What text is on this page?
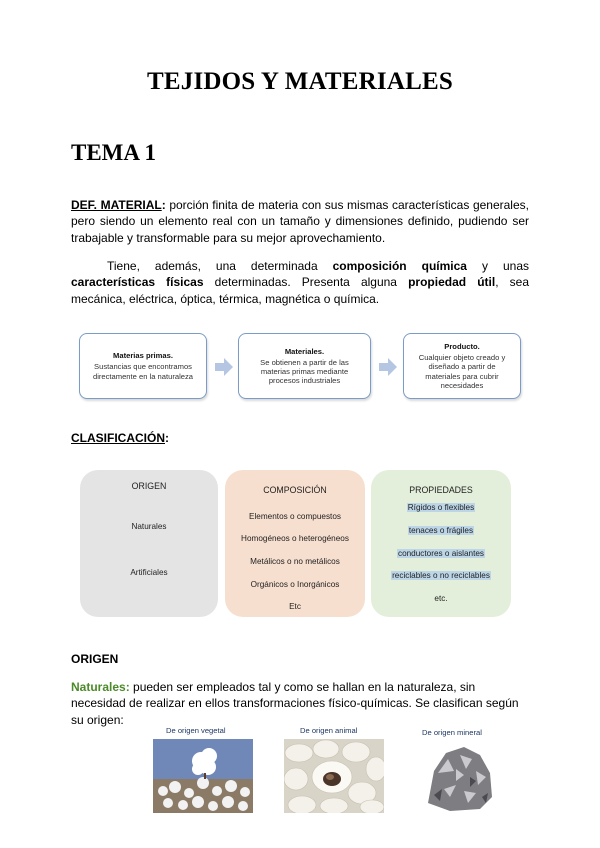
TEJIDOS Y MATERIALES
TEMA 1
DEF. MATERIAL: porción finita de materia con sus mismas características generales, pero siendo un elemento real con un tamaño y dimensiones definido, pudiendo ser trabajable y transformable para su mejor aprovechamiento.
Tiene, además, una determinada composición química y unas características físicas determinadas. Presenta alguna propiedad útil, sea mecánica, eléctrica, óptica, térmica, magnética o química.
Materias primas.
Sustancias que encontramos directamente en la naturaleza
Materiales.
Se obtienen a partir de las materias primas mediante procesos industriales
Producto.
Cualquier objeto creado y diseñado a partir de materiales para cubrir necesidades
CLASIFICACIÓN:
ORIGEN
Naturales
Artificiales
COMPOSICIÓN
Elementos o compuestos
Homogéneos o heterogéneos
Metálicos o no metálicos
Orgánicos o Inorgánicos
Etc
PROPIEDADES
Rígidos o flexibles
tenaces o frágiles
conductores o aislantes
reciclables o no reciclables
etc.
ORIGEN
Naturales: pueden ser empleados tal y como se hallan en la naturaleza, sin necesidad de realizar en ellos transformaciones físico-químicas. Se clasifican según su origen:
De origen vegetal	De origen animal	De origen mineral
